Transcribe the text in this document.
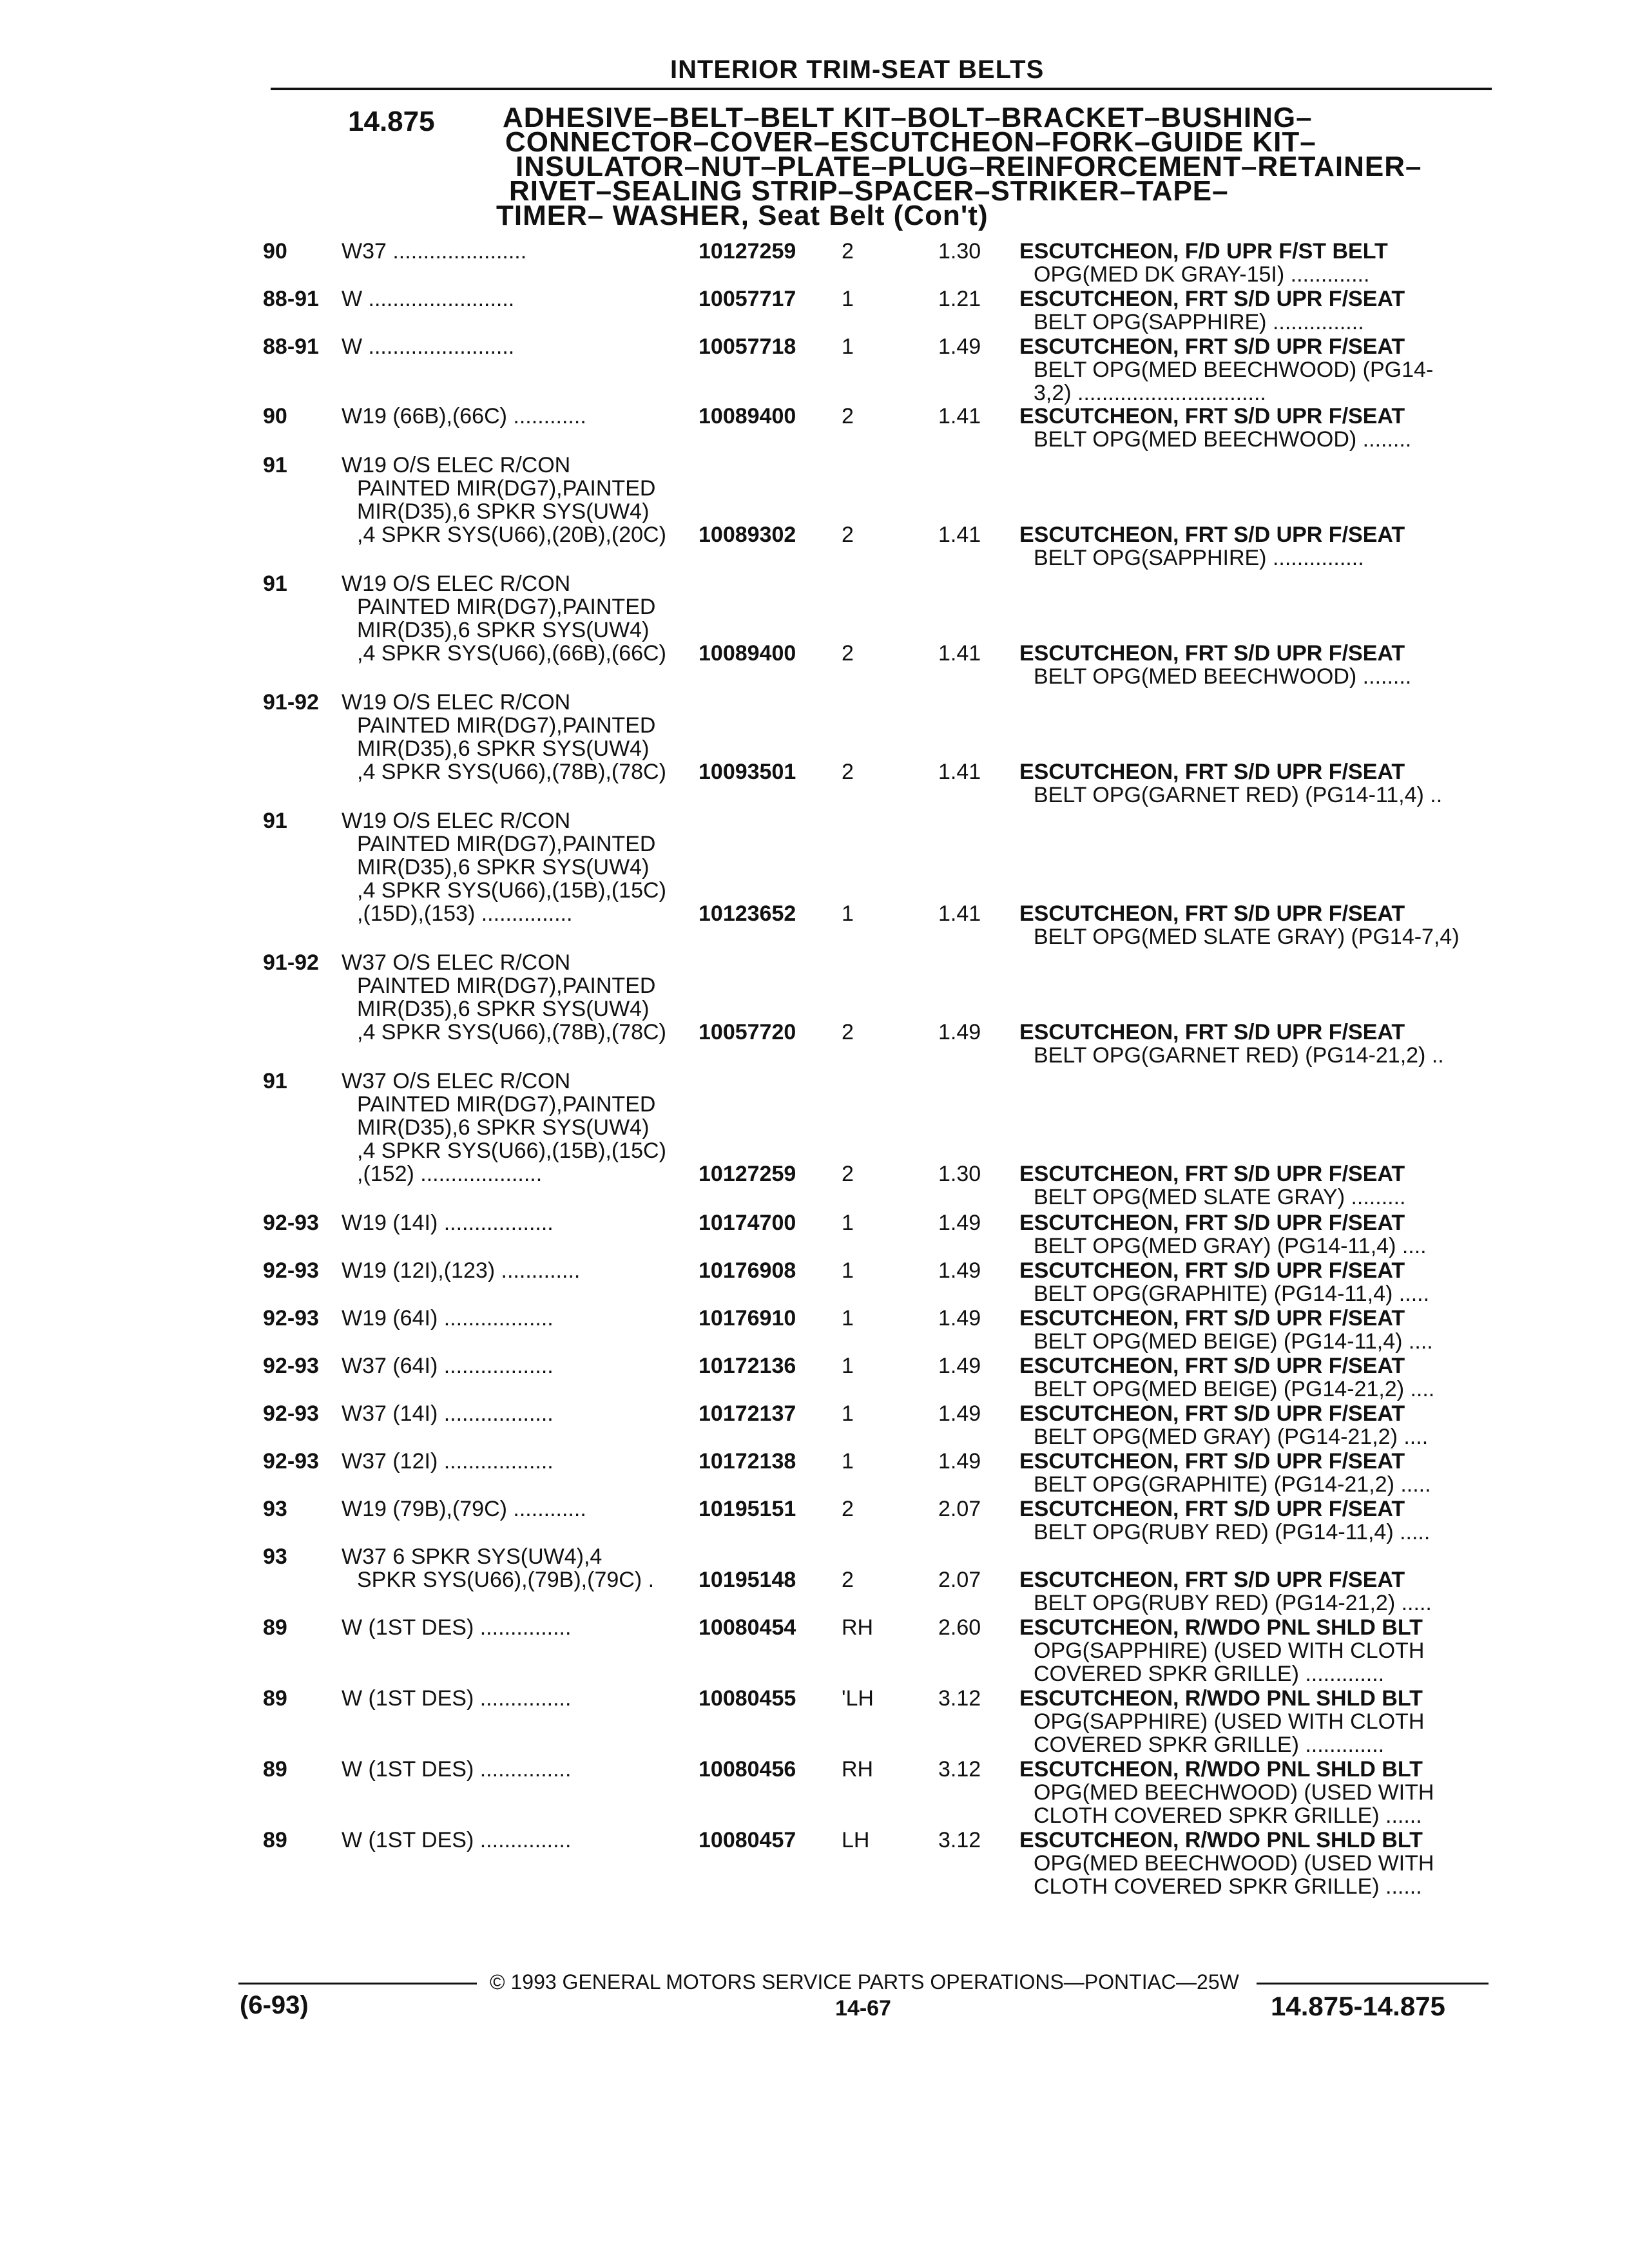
INTERIOR TRIM-SEAT BELTS
14.875 ADHESIVE–BELT–BELT KIT–BOLT–BRACKET–BUSHING–
CONNECTOR–COVER–ESCUTCHEON–FORK–GUIDE KIT–
INSULATOR–NUT–PLATE–PLUG–REINFORCEMENT–RETAINER–
RIVET–SEALING STRIP–SPACER–STRIKER–TAPE–
TIMER– WASHER, Seat Belt (Con't)
90 W37 ......................	10127259 2	1.30 ESCUTCHEON, F/D UPR F/ST BELT
OPG(MED DK GRAY-15I) .............
88-91 W ........................	10057717 1	1.21 ESCUTCHEON, FRT S/D UPR F/SEAT
BELT OPG(SAPPHIRE) ...............
88-91 W ........................	10057718 1	1.49 ESCUTCHEON, FRT S/D UPR F/SEAT
BELT OPG(MED BEECHWOOD) (PG14-
3,2) ...............................
90 W19 (66B),(66C) ............	10089400 2	1.41 ESCUTCHEON, FRT S/D UPR F/SEAT
BELT OPG(MED BEECHWOOD) ........
91 W19 O/S ELEC R/CON
PAINTED MIR(DG7),PAINTED
MIR(D35),6 SPKR SYS(UW4)
,4 SPKR SYS(U66),(20B),(20C)	10089302 2	1.41 ESCUTCHEON, FRT S/D UPR F/SEAT
BELT OPG(SAPPHIRE) ...............
91 W19 O/S ELEC R/CON
PAINTED MIR(DG7),PAINTED
MIR(D35),6 SPKR SYS(UW4)
,4 SPKR SYS(U66),(66B),(66C)	10089400 2	1.41 ESCUTCHEON, FRT S/D UPR F/SEAT
BELT OPG(MED BEECHWOOD) ........
91-92 W19 O/S ELEC R/CON
PAINTED MIR(DG7),PAINTED
MIR(D35),6 SPKR SYS(UW4)
,4 SPKR SYS(U66),(78B),(78C)	10093501 2	1.41 ESCUTCHEON, FRT S/D UPR F/SEAT
BELT OPG(GARNET RED) (PG14-11,4) ..
91 W19 O/S ELEC R/CON
PAINTED MIR(DG7),PAINTED
MIR(D35),6 SPKR SYS(UW4)
,4 SPKR SYS(U66),(15B),(15C)
,(15D),(153) ...............	10123652 1	1.41 ESCUTCHEON, FRT S/D UPR F/SEAT
BELT OPG(MED SLATE GRAY) (PG14-7,4)
91-92 W37 O/S ELEC R/CON
PAINTED MIR(DG7),PAINTED
MIR(D35),6 SPKR SYS(UW4)
,4 SPKR SYS(U66),(78B),(78C)	10057720 2	1.49 ESCUTCHEON, FRT S/D UPR F/SEAT
BELT OPG(GARNET RED) (PG14-21,2) ..
91 W37 O/S ELEC R/CON
PAINTED MIR(DG7),PAINTED
MIR(D35),6 SPKR SYS(UW4)
,4 SPKR SYS(U66),(15B),(15C)
,(152) ....................	10127259 2	1.30 ESCUTCHEON, FRT S/D UPR F/SEAT
BELT OPG(MED SLATE GRAY) .........
92-93 W19 (14I) ..................	10174700 1	1.49 ESCUTCHEON, FRT S/D UPR F/SEAT
BELT OPG(MED GRAY) (PG14-11,4) ....
92-93 W19 (12I),(123) .............	10176908 1	1.49 ESCUTCHEON, FRT S/D UPR F/SEAT
BELT OPG(GRAPHITE) (PG14-11,4) .....
92-93 W19 (64I) ..................	10176910 1	1.49 ESCUTCHEON, FRT S/D UPR F/SEAT
BELT OPG(MED BEIGE) (PG14-11,4) ....
92-93 W37 (64I) ..................	10172136 1	1.49 ESCUTCHEON, FRT S/D UPR F/SEAT
BELT OPG(MED BEIGE) (PG14-21,2) ....
92-93 W37 (14I) ..................	10172137 1	1.49 ESCUTCHEON, FRT S/D UPR F/SEAT
BELT OPG(MED GRAY) (PG14-21,2) ....
92-93 W37 (12I) ..................	10172138 1	1.49 ESCUTCHEON, FRT S/D UPR F/SEAT
BELT OPG(GRAPHITE) (PG14-21,2) .....
93 W19 (79B),(79C) ............	10195151 2	2.07 ESCUTCHEON, FRT S/D UPR F/SEAT
BELT OPG(RUBY RED) (PG14-11,4) .....
93 W37 6 SPKR SYS(UW4),4
SPKR SYS(U66),(79B),(79C) .	10195148 2	2.07 ESCUTCHEON, FRT S/D UPR F/SEAT
BELT OPG(RUBY RED) (PG14-21,2) .....
89 W (1ST DES) ...............	10080454 RH	2.60 ESCUTCHEON, R/WDO PNL SHLD BLT
OPG(SAPPHIRE) (USED WITH CLOTH
COVERED SPKR GRILLE) .............
89 W (1ST DES) ...............	10080455 'LH	3.12 ESCUTCHEON, R/WDO PNL SHLD BLT
OPG(SAPPHIRE) (USED WITH CLOTH
COVERED SPKR GRILLE) .............
89 W (1ST DES) ...............	10080456 RH	3.12 ESCUTCHEON, R/WDO PNL SHLD BLT
OPG(MED BEECHWOOD) (USED WITH
CLOTH COVERED SPKR GRILLE) ......
89 W (1ST DES) ...............	10080457 LH	3.12 ESCUTCHEON, R/WDO PNL SHLD BLT
OPG(MED BEECHWOOD) (USED WITH
CLOTH COVERED SPKR GRILLE) ......
© 1993 GENERAL MOTORS SERVICE PARTS OPERATIONS—PONTIAC—25W
(6-93)	14-67	14.875-14.875
